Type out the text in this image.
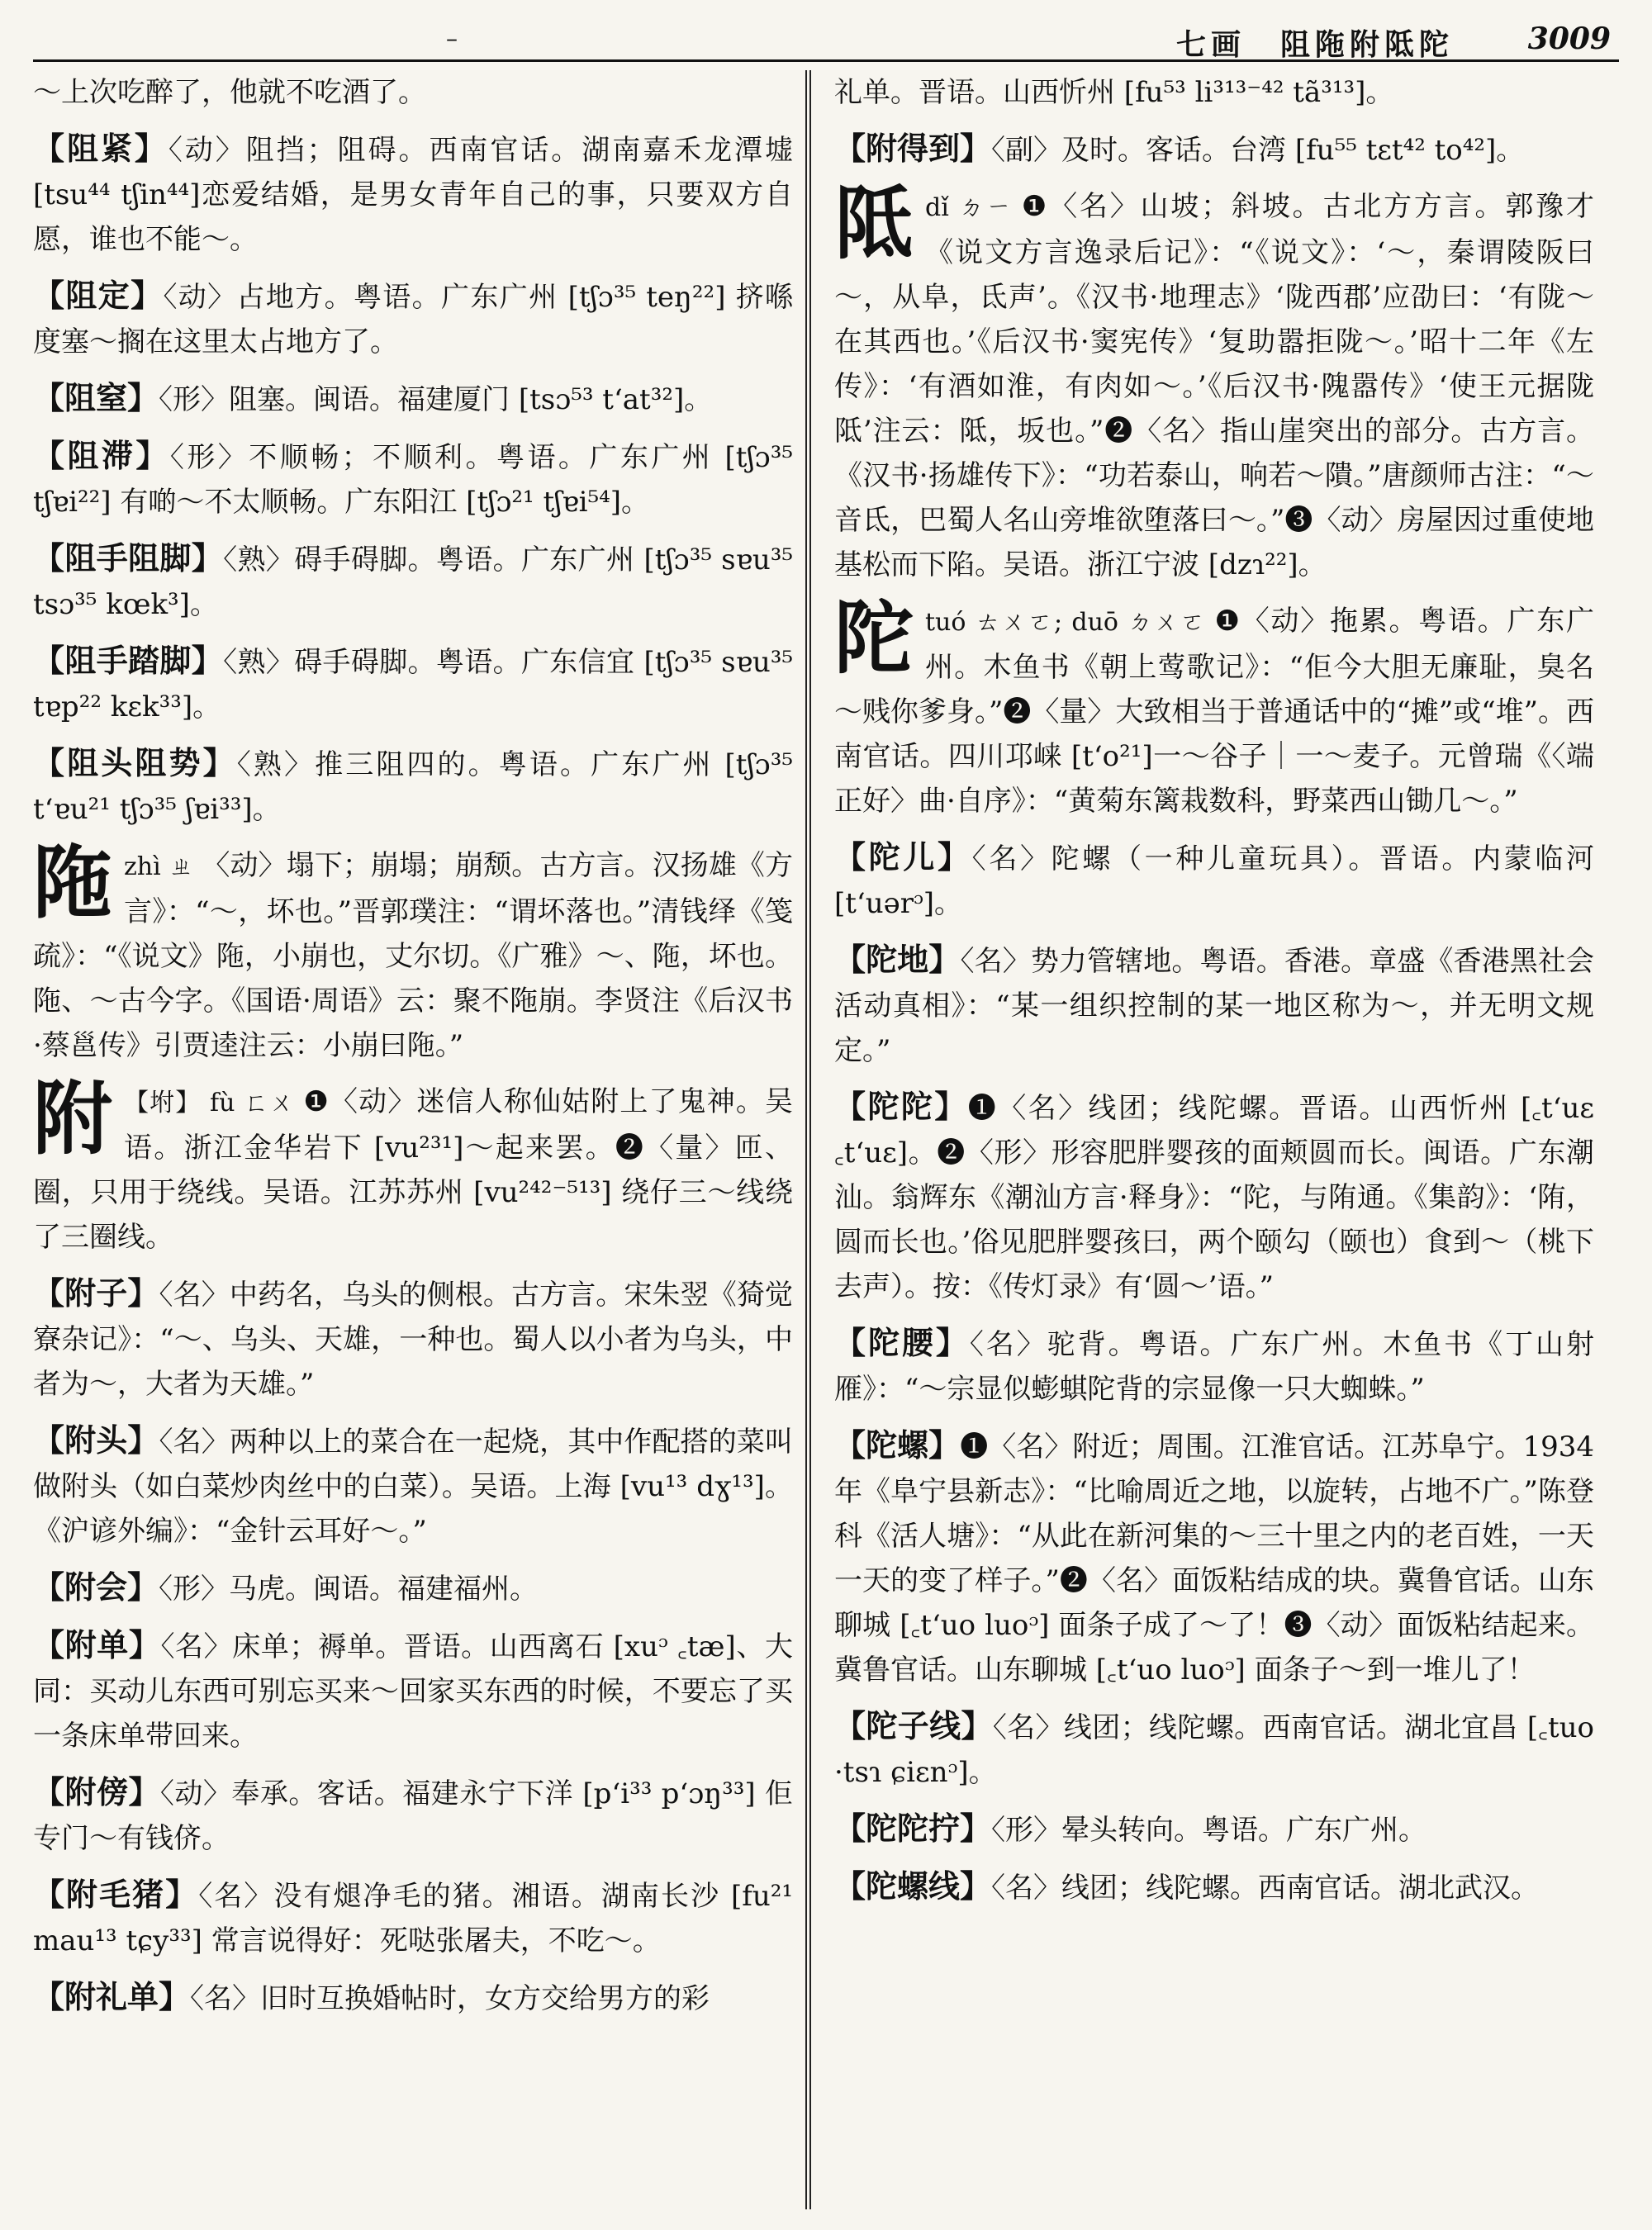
–	七画　阻陁附阺陀 3009
～上次吃醉了，他就不吃酒了。
【阻紧】〈动〉阻挡；阻碍。西南官话。湖南嘉禾龙潭墟 [tsu⁴⁴ tʃin⁴⁴]恋爱结婚，是男女青年自己的事，只要双方自愿，谁也不能～。
【阻定】〈动〉占地方。粤语。广东广州 [tʃɔ³⁵ teŋ²²] 挤喺度塞～搁在这里太占地方了。
【阻窒】〈形〉阻塞。闽语。福建厦门 [tsɔ⁵³ t‘at³²]。
【阻滞】〈形〉不顺畅；不顺利。粤语。广东广州 [tʃɔ³⁵ tʃɐi²²] 有啲～不太顺畅。广东阳江 [tʃɔ²¹ tʃɐi⁵⁴]。
【阻手阻脚】〈熟〉碍手碍脚。粤语。广东广州 [tʃɔ³⁵ sɐu³⁵ tsɔ³⁵ kœk³]。
【阻手踏脚】〈熟〉碍手碍脚。粤语。广东信宜 [tʃɔ³⁵ sɐu³⁵ tɐp²² kɛk³³]。
【阻头阻势】〈熟〉推三阻四的。粤语。广东广州 [tʃɔ³⁵ t‘ɐu²¹ tʃɔ³⁵ ʃɐi³³]。
陁zhì ㄓ 〈动〉塌下；崩塌；崩颓。古方言。汉扬雄《方言》：“～，坏也。”晋郭璞注：“谓坏落也。”清钱绎《笺疏》：“《说文》陁，小崩也，丈尔切。《广雅》～、陁，坏也。陁、～古今字。《国语·周语》云：聚不陁崩。李贤注《后汉书·蔡邕传》引贾逵注云：小崩曰陁。”
附 【坿】 fù ㄈㄨ ❶〈动〉迷信人称仙姑附上了鬼神。吴语。浙江金华岩下 [vu²³¹]～起来罢。❷〈量〉匝、圈，只用于绕线。吴语。江苏苏州 [vu²⁴²⁻⁵¹³] 绕仔三～线绕了三圈线。
【附子】〈名〉中药名，乌头的侧根。古方言。宋朱翌《猗觉寮杂记》：“～、乌头、天雄，一种也。蜀人以小者为乌头，中者为～，大者为天雄。”
【附头】〈名〉两种以上的菜合在一起烧，其中作配搭的菜叫做附头（如白菜炒肉丝中的白菜）。吴语。上海 [vu¹³ dɣ¹³]。《沪谚外编》：“金针云耳好～。”
【附会】〈形〉马虎。闽语。福建福州。
【附单】〈名〉床单；褥单。晋语。山西离石 [xuᵓ ꜀tæ]、大同：买动儿东西可别忘买来～回家买东西的时候，不要忘了买一条床单带回来。
【附傍】〈动〉奉承。客话。福建永宁下洋 [p‘i³³ p‘ɔŋ³³] 佢专门～有钱侪。
【附毛猪】〈名〉没有煺净毛的猪。湘语。湖南长沙 [fu²¹ mau¹³ tɕy³³] 常言说得好：死哒张屠夫，不吃～。
【附礼单】〈名〉旧时互换婚帖时，女方交给男方的彩
礼单。晋语。山西忻州 [fu⁵³ li³¹³⁻⁴² tã³¹³]。
【附得到】〈副〉及时。客话。台湾 [fu⁵⁵ tɛt⁴² to⁴²]。
阺dǐ ㄉㄧ ❶〈名〉山坡；斜坡。古北方方言。郭豫才《说文方言逸录后记》：“《说文》：‘～，秦谓陵阪曰～，从阜，氐声’。《汉书·地理志》‘陇西郡’应劭曰：‘有陇～在其西也。’《后汉书·窦宪传》‘复助嚣拒陇～。’昭十二年《左传》：‘有酒如淮，有肉如～。’《后汉书·隗嚣传》‘使王元据陇阺’注云：阺，坂也。”❷〈名〉指山崖突出的部分。古方言。《汉书·扬雄传下》：“功若泰山，响若～隤。”唐颜师古注：“～音氐，巴蜀人名山旁堆欲堕落曰～。”❸〈动〉房屋因过重使地基松而下陷。吴语。浙江宁波 [dzɿ²²]。
陀tuó ㄊㄨㄛ; duō ㄉㄨㄛ ❶〈动〉拖累。粤语。广东广州。木鱼书《朝上莺歌记》：“佢今大胆无廉耻，臭名～贱你爹身。”❷〈量〉大致相当于普通话中的“摊”或“堆”。西南官话。四川邛崃 [t‘o²¹]一～谷子｜一～麦子。元曾瑞《〈端正好〉曲·自序》：“黄菊东篱栽数科，野菜西山锄几～。”
【陀儿】〈名〉陀螺（一种儿童玩具）。晋语。内蒙临河 [t‘uərᵓ]。
【陀地】〈名〉势力管辖地。粤语。香港。章盛《香港黑社会活动真相》：“某一组织控制的某一地区称为～，并无明文规定。”
【陀陀】❶〈名〉线团；线陀螺。晋语。山西忻州 [꜀t‘uɛ ꜀t‘uɛ]。❷〈形〉形容肥胖婴孩的面颊圆而长。闽语。广东潮汕。翁辉东《潮汕方言·释身》：“陀，与陏通。《集韵》：‘陏，圆而长也。’俗见肥胖婴孩曰，两个颐勾（颐也）食到～（桃下去声）。按：《传灯录》有‘圆～’语。”
【陀腰】〈名〉驼背。粤语。广东广州。木鱼书《丁山射雁》：“～宗显似蟛蜞陀背的宗显像一只大蜘蛛。”
【陀螺】❶〈名〉附近；周围。江淮官话。江苏阜宁。1934年《阜宁县新志》：“比喻周近之地，以旋转，占地不广。”陈登科《活人塘》：“从此在新河集的～三十里之内的老百姓，一天一天的变了样子。”❷〈名〉面饭粘结成的块。冀鲁官话。山东聊城 [꜀t‘uo luoᵓ] 面条子成了～了！❸〈动〉面饭粘结起来。冀鲁官话。山东聊城 [꜀t‘uo luoᵓ] 面条子～到一堆儿了！
【陀子线】〈名〉线团；线陀螺。西南官话。湖北宜昌 [꜀tuo ·tsɿ ɕiɛnᵓ]。
【陀陀拧】〈形〉晕头转向。粤语。广东广州。
【陀螺线】〈名〉线团；线陀螺。西南官话。湖北武汉。
